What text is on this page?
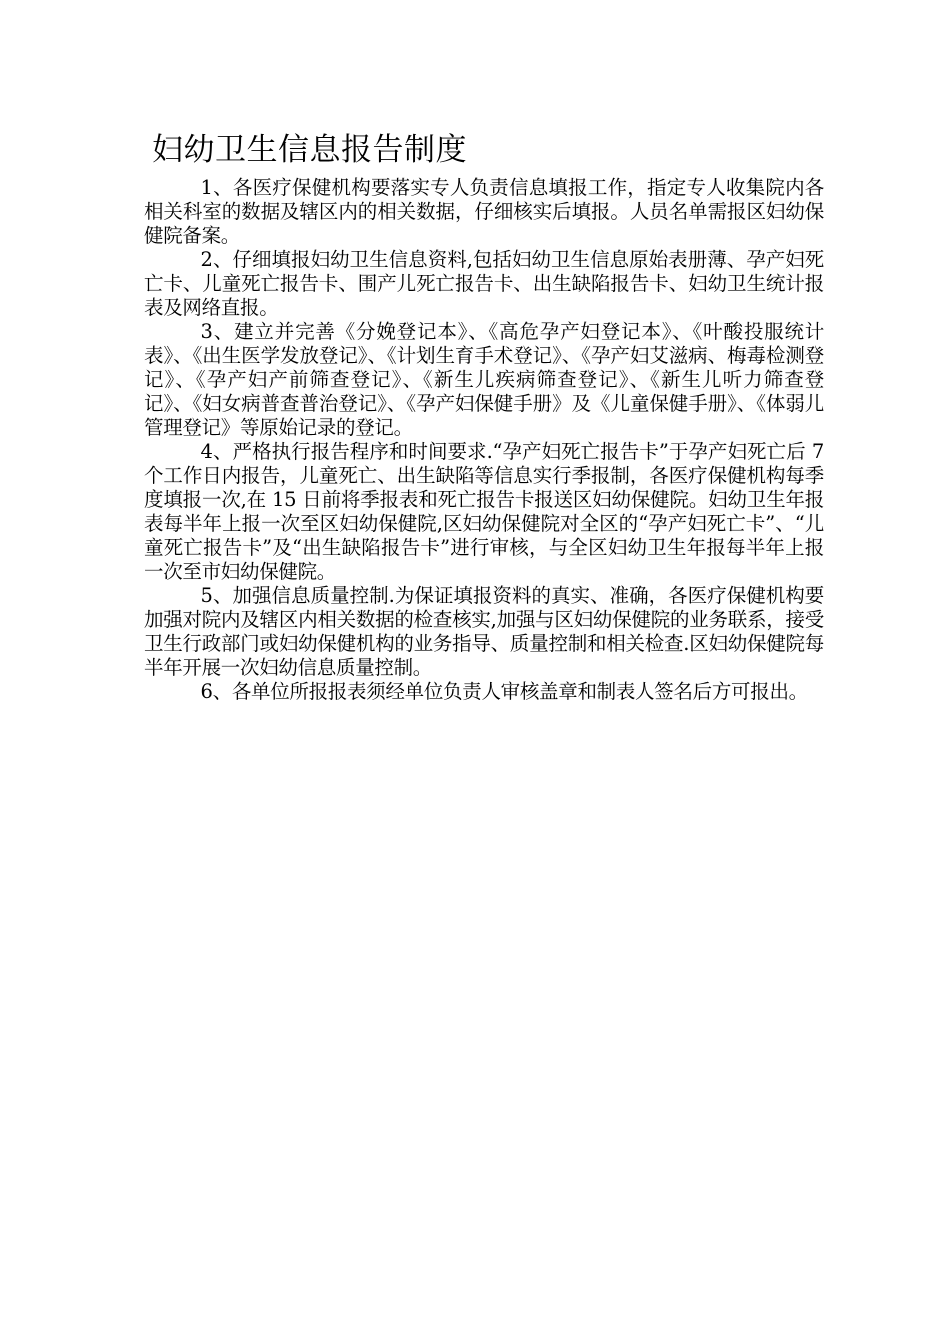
妇幼卫生信息报告制度

1、各医疗保健机构要落实专人负责信息填报工作，指定专人收集院内各相关科室的数据及辖区内的相关数据，仔细核实后填报。人员名单需报区妇幼保健院备案。

2、仔细填报妇幼卫生信息资料,包括妇幼卫生信息原始表册薄、孕产妇死亡卡、儿童死亡报告卡、围产儿死亡报告卡、出生缺陷报告卡、妇幼卫生统计报表及网络直报。

3、建立并完善《分娩登记本》、《高危孕产妇登记本》、《叶酸投服统计表》、《出生医学发放登记》、《计划生育手术登记》、《孕产妇艾滋病、梅毒检测登记》、《孕产妇产前筛查登记》、《新生儿疾病筛查登记》、《新生儿听力筛查登记》、《妇女病普查普治登记》、《孕产妇保健手册》及《儿童保健手册》、《体弱儿管理登记》等原始记录的登记。

4、严格执行报告程序和时间要求.“孕产妇死亡报告卡”于孕产妇死亡后 7 个工作日内报告，儿童死亡、出生缺陷等信息实行季报制，各医疗保健机构每季度填报一次,在 15 日前将季报表和死亡报告卡报送区妇幼保健院。妇幼卫生年报表每半年上报一次至区妇幼保健院,区妇幼保健院对全区的“孕产妇死亡卡”、“儿童死亡报告卡”及“出生缺陷报告卡”进行审核，与全区妇幼卫生年报每半年上报一次至市妇幼保健院。

5、加强信息质量控制.为保证填报资料的真实、准确，各医疗保健机构要加强对院内及辖区内相关数据的检查核实,加强与区妇幼保健院的业务联系，接受卫生行政部门或妇幼保健机构的业务指导、质量控制和相关检查.区妇幼保健院每半年开展一次妇幼信息质量控制。

6、各单位所报报表须经单位负责人审核盖章和制表人签名后方可报出。
